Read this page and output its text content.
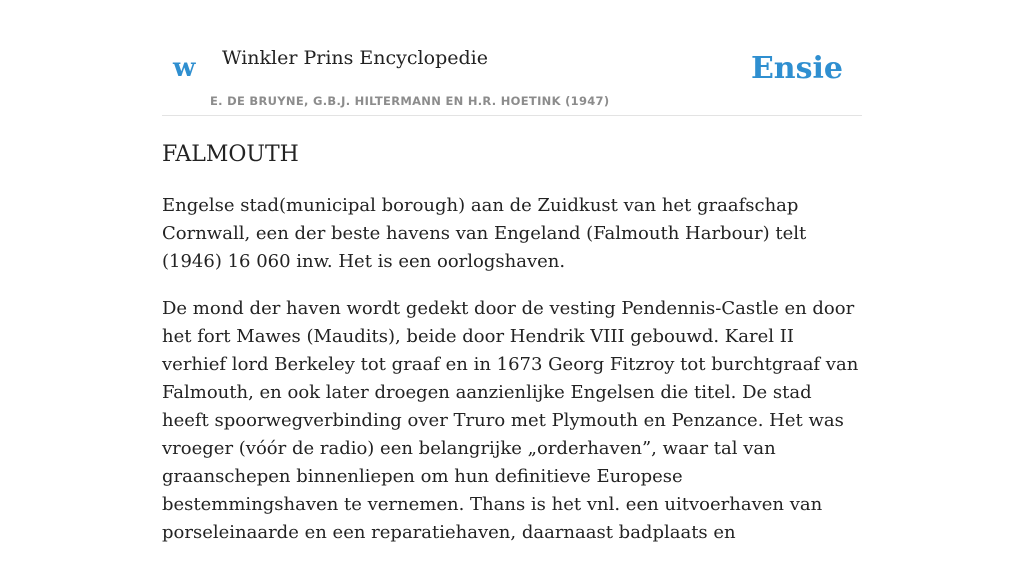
w Winkler Prins Encyclopedie
E. DE BRUYNE, G.B.J. HILTERMANN EN H.R. HOETINK (1947)
Ensie
FALMOUTH

Engelse stad(municipal borough) aan de Zuidkust van het graafschap Cornwall, een der beste havens van Engeland (Falmouth Harbour) telt (1946) 16 060 inw. Het is een oorlogshaven.

De mond der haven wordt gedekt door de vesting Pendennis-Castle en door het fort Mawes (Maudits), beide door Hendrik VIII gebouwd. Karel II verhief lord Berkeley tot graaf en in 1673 Georg Fitzroy tot burchtgraaf van Falmouth, en ook later droegen aanzienlijke Engelsen die titel. De stad heeft spoorwegverbinding over Truro met Plymouth en Penzance. Het was vroeger (vóór de radio) een belangrijke „orderhaven”, waar tal van graanschepen binnenliepen om hun definitieve Europese bestemmingshaven te vernemen. Thans is het vnl. een uitvoerhaven van porseleinaarde en een reparatiehaven, daarnaast badplaats en
